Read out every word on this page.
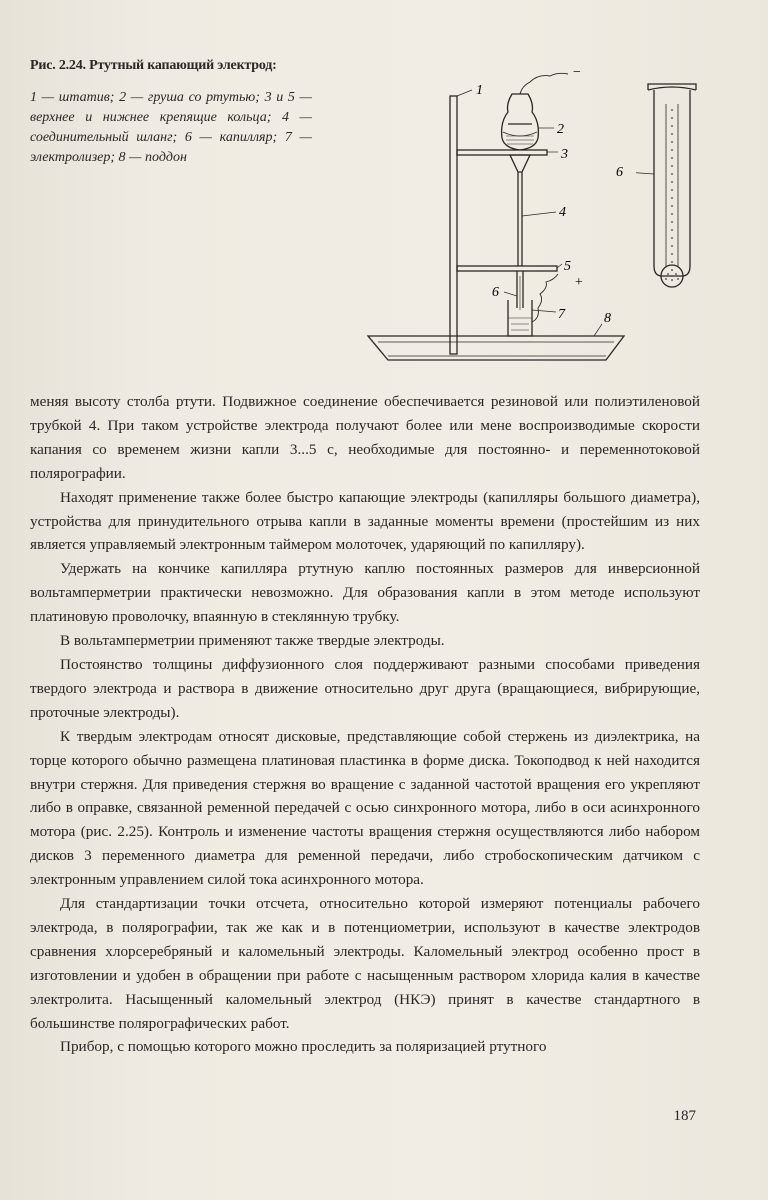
Рис. 2.24. Ртутный капающий электрод:
1 — штатив; 2 — груша со ртутью; 3 и 5 — верхнее и нижнее крепящие кольца; 4 — соединительный шланг; 6 — капилляр; 7 — электролизер; 8 — поддон
1
2
3
4
5
6
7	8
−
+
6

меняя высоту столба ртути. Подвижное соединение обеспечивается резиновой или полиэтиленовой трубкой 4. При таком устройстве электрода получают более или мене воспроизводимые скорости капания со временем жизни капли 3...5 с, необходимые для постоянно- и переменнотоковой полярографии.

Находят применение также более быстро капающие электроды (капилляры большого диаметра), устройства для принудительного отрыва капли в заданные моменты времени (простейшим из них является управляемый электронным таймером молоточек, ударяющий по капилляру).

Удержать на кончике капилляра ртутную каплю постоянных размеров для инверсионной вольтамперметрии практически невозможно. Для образования капли в этом методе используют платиновую проволочку, впаянную в стеклянную трубку.

В вольтамперметрии применяют также твердые электроды.

Постоянство толщины диффузионного слоя поддерживают разными способами приведения твердого электрода и раствора в движение относительно друг друга (вращающиеся, вибрирующие, проточные электроды).

К твердым электродам относят дисковые, представляющие собой стержень из диэлектрика, на торце которого обычно размещена платиновая пластинка в форме диска. Токоподвод к ней находится внутри стержня. Для приведения стержня во вращение с заданной частотой вращения его укрепляют либо в оправке, связанной ременной передачей с осью синхронного мотора, либо в оси асинхронного мотора (рис. 2.25). Контроль и изменение частоты вращения стержня осуществляются либо набором дисков 3 переменного диаметра для ременной передачи, либо стробоскопическим датчиком с электронным управлением силой тока асинхронного мотора.

Для стандартизации точки отсчета, относительно которой измеряют потенциалы рабочего электрода, в полярографии, так же как и в потенциометрии, используют в качестве электродов сравнения хлорсеребряный и каломельный электроды. Каломельный электрод особенно прост в изготовлении и удобен в обращении при работе с насыщенным раствором хлорида калия в качестве электролита. Насыщенный каломельный электрод (НКЭ) принят в качестве стандартного в большинстве полярографических работ.

Прибор, с помощью которого можно проследить за поляризацией ртутного

187
